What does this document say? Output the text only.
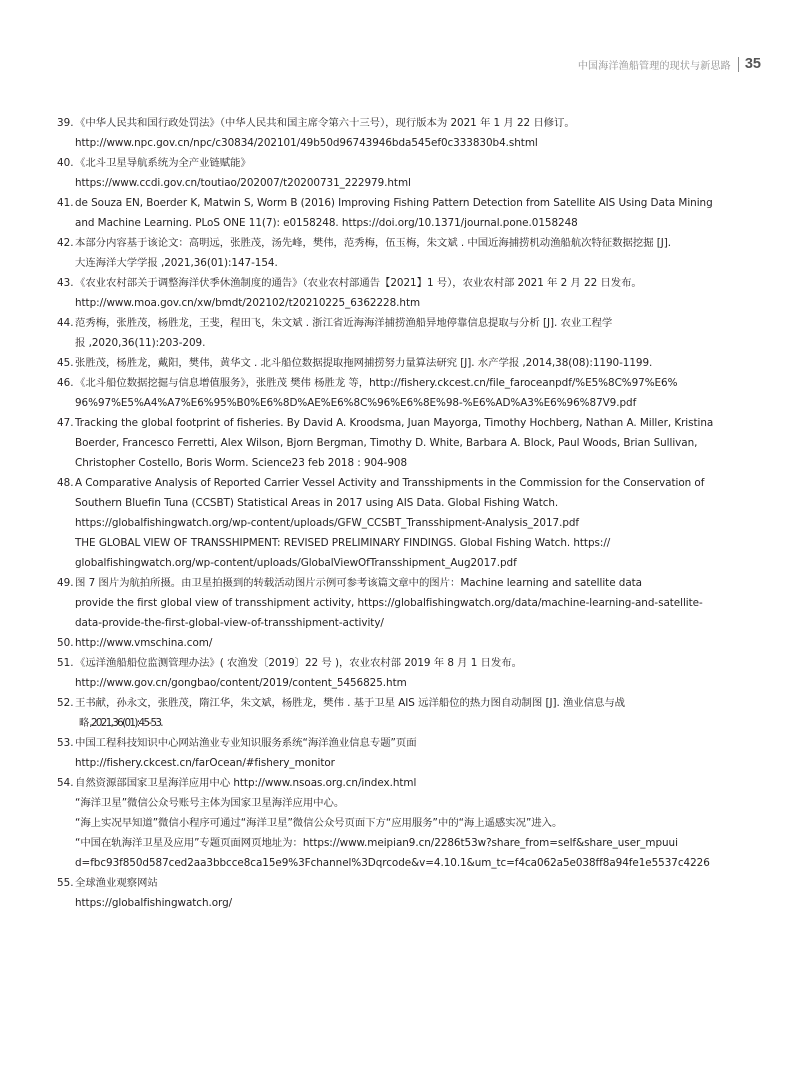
中国海洋渔船管理的现状与新思路 35
39. 《中华人民共和国行政处罚法》（中华人民共和国主席令第六十三号），现行版本为 2021 年 1 月 22 日修订。
http://www.npc.gov.cn/npc/c30834/202101/49b50d96743946bda545ef0c333830b4.shtml
40. 《北斗卫星导航系统为全产业链赋能》
https://www.ccdi.gov.cn/toutiao/202007/t20200731_222979.html
41. de Souza EN, Boerder K, Matwin S, Worm B (2016) Improving Fishing Pattern Detection from Satellite AIS Using Data Mining
and Machine Learning. PLoS ONE 11(7): e0158248. https://doi.org/10.1371/journal.pone.0158248
42. 本部分内容基于该论文：高明远，张胜茂，汤先峰，樊伟，范秀梅，伍玉梅，朱文斌 . 中国近海捕捞机动渔船航次特征数据挖掘 [J].
大连海洋大学学报 ,2021,36(01):147-154.
43. 《农业农村部关于调整海洋伏季休渔制度的通告》（农业农村部通告【2021】1 号），农业农村部 2021 年 2 月 22 日发布。
http://www.moa.gov.cn/xw/bmdt/202102/t20210225_6362228.htm
44. 范秀梅，张胜茂，杨胜龙，王斐，程田飞，朱文斌 . 浙江省近海海洋捕捞渔船异地停靠信息提取与分析 [J]. 农业工程学
报 ,2020,36(11):203-209.
45. 张胜茂，杨胜龙，戴阳，樊伟，黄华文 . 北斗船位数据提取拖网捕捞努力量算法研究 [J]. 水产学报 ,2014,38(08):1190-1199.
46. 《北斗船位数据挖掘与信息增值服务》，张胜茂 樊伟 杨胜龙 等，http://fishery.ckcest.cn/file_faroceanpdf/%E5%8C%97%E6%
96%97%E5%A4%A7%E6%95%B0%E6%8D%AE%E6%8C%96%E6%8E%98-%E6%AD%A3%E6%96%87V9.pdf
47. Tracking the global footprint of fisheries. By David A. Kroodsma, Juan Mayorga, Timothy Hochberg, Nathan A. Miller, Kristina
Boerder, Francesco Ferretti, Alex Wilson, Bjorn Bergman, Timothy D. White, Barbara A. Block, Paul Woods, Brian Sullivan,
Christopher Costello, Boris Worm. Science23 feb 2018 : 904-908
48. A Comparative Analysis of Reported Carrier Vessel Activity and Transshipments in the Commission for the Conservation of
Southern Bluefin Tuna (CCSBT) Statistical Areas in 2017 using AIS Data. Global Fishing Watch.
https://globalfishingwatch.org/wp-content/uploads/GFW_CCSBT_Transshipment-Analysis_2017.pdf
THE GLOBAL VIEW OF TRANSSHIPMENT: REVISED PRELIMINARY FINDINGS. Global Fishing Watch. https://
globalfishingwatch.org/wp-content/uploads/GlobalViewOfTransshipment_Aug2017.pdf
49. 图 7 图片为航拍所摄。由卫星拍摄到的转载活动图片示例可参考该篇文章中的图片：Machine learning and satellite data
provide the first global view of transshipment activity, https://globalfishingwatch.org/data/machine-learning-and-satellite-
data-provide-the-first-global-view-of-transshipment-activity/
50. http://www.vmschina.com/
51. 《远洋渔船船位监测管理办法》( 农渔发〔2019〕22 号 )，农业农村部 2019 年 8 月 1 日发布。
http://www.gov.cn/gongbao/content/2019/content_5456825.htm
52. 王书献，孙永文，张胜茂，隋江华，朱文斌，杨胜龙，樊伟 . 基于卫星 AIS 远洋船位的热力图自动制图 [J]. 渔业信息与战
略 ,2021,36(01):45-53.
53. 中国工程科技知识中心网站渔业专业知识服务系统“海洋渔业信息专题”页面
http://fishery.ckcest.cn/farOcean/#fishery_monitor
54. 自然资源部国家卫星海洋应用中心 http://www.nsoas.org.cn/index.html
“海洋卫星”微信公众号账号主体为国家卫星海洋应用中心。
“海上实况早知道”微信小程序可通过“海洋卫星”微信公众号页面下方“应用服务”中的“海上遥感实况”进入。
“中国在轨海洋卫星及应用”专题页面网页地址为：https://www.meipian9.cn/2286t53w?share_from=self&share_user_mpuui
d=fbc93f850d587ced2aa3bbcce8ca15e9%3Fchannel%3Dqrcode&v=4.10.1&um_tc=f4ca062a5e038ff8a94fe1e5537c4226
55. 全球渔业观察网站
https://globalfishingwatch.org/
